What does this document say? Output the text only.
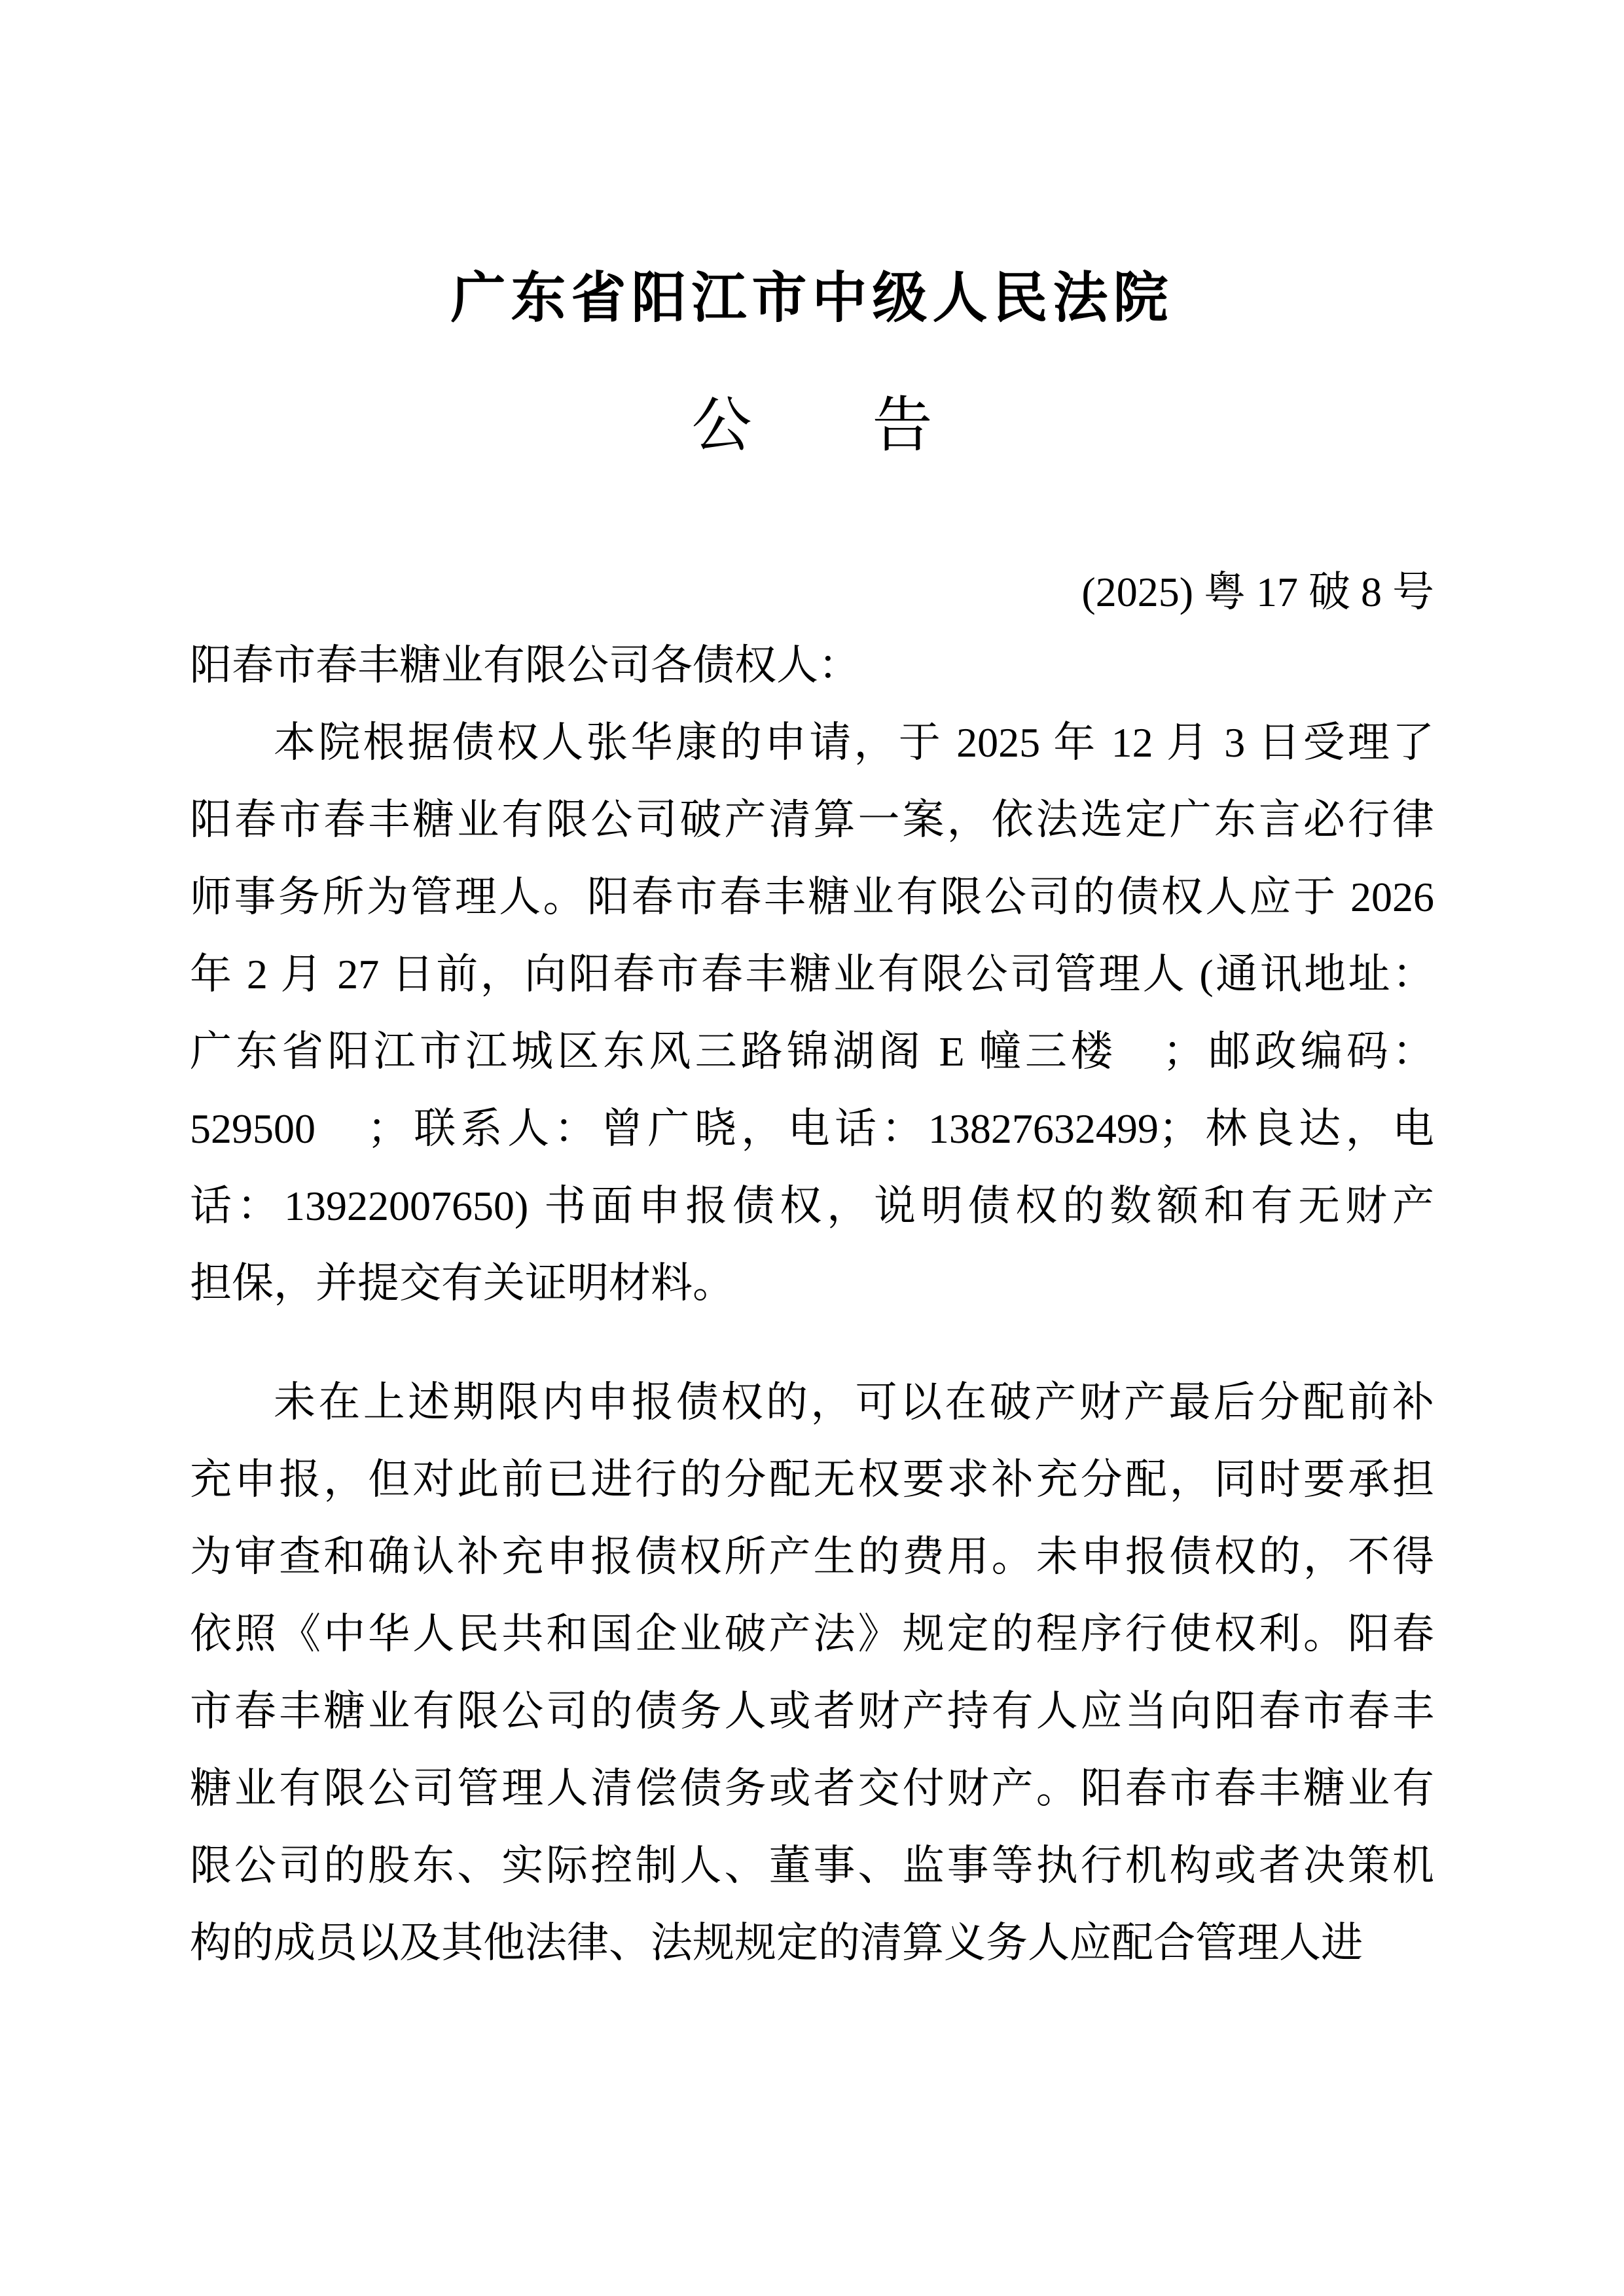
广东省阳江市中级人民法院
公　　告
(2025) 粤 17 破 8 号
阳春市春丰糖业有限公司各债权人：
本院根据债权人张华康的申请，于 2025 年 12 月 3 日受理了
阳春市春丰糖业有限公司破产清算一案，依法选定广东言必行律
师事务所为管理人。阳春市春丰糖业有限公司的债权人应于 2026
年 2 月 27 日前，向阳春市春丰糖业有限公司管理人 (通讯地址：
广东省阳江市江城区东风三路锦湖阁 E 幢三楼　；邮政编码：
529500　；联系人：曾广晓，电话：13827632499；林良达，电
话：13922007650) 书面申报债权，说明债权的数额和有无财产
担保，并提交有关证明材料。
未在上述期限内申报债权的，可以在破产财产最后分配前补
充申报，但对此前已进行的分配无权要求补充分配，同时要承担
为审查和确认补充申报债权所产生的费用。未申报债权的，不得
依照《中华人民共和国企业破产法》规定的程序行使权利。阳春
市春丰糖业有限公司的债务人或者财产持有人应当向阳春市春丰
糖业有限公司管理人清偿债务或者交付财产。阳春市春丰糖业有
限公司的股东、实际控制人、董事、监事等执行机构或者决策机
构的成员以及其他法律、法规规定的清算义务人应配合管理人进
